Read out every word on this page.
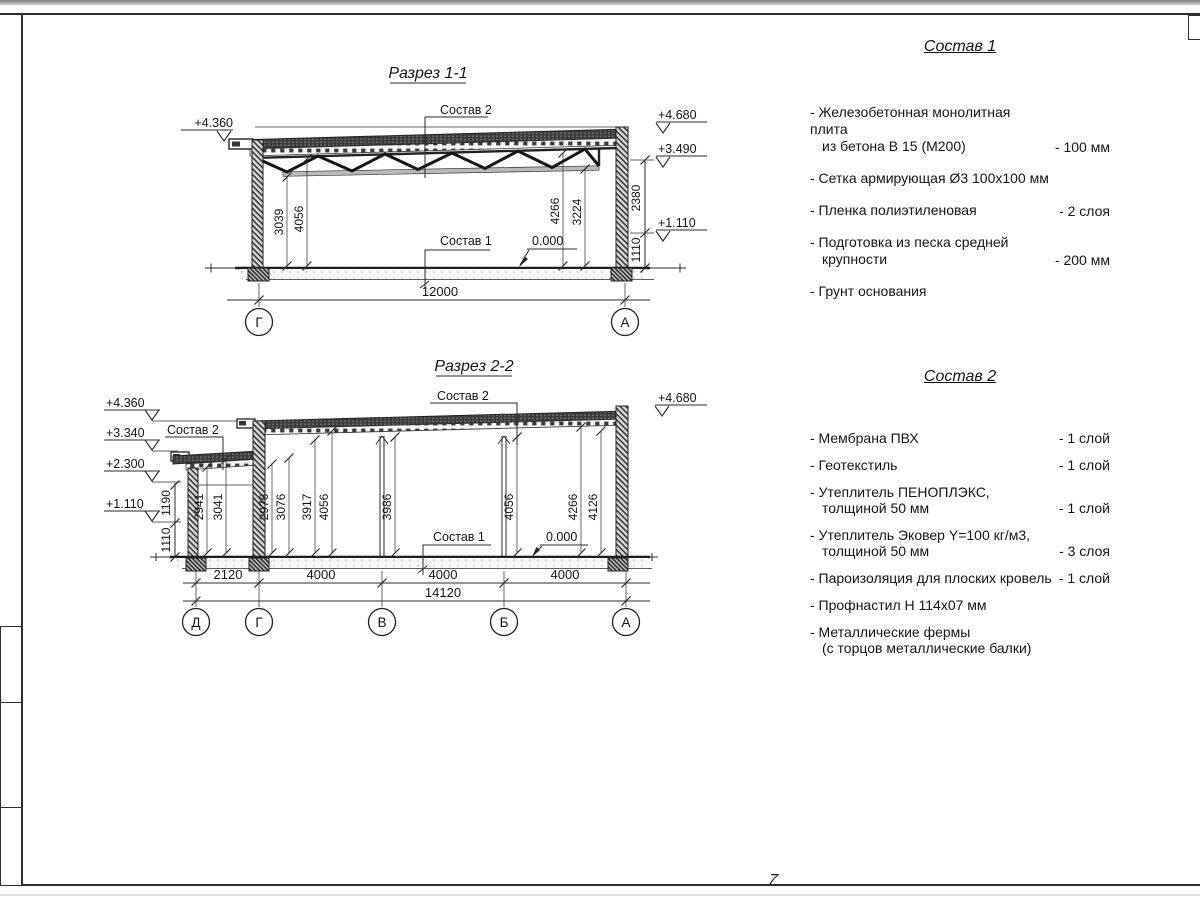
7
Разрез 1-1
Состав 2
Состав 1	0.000
+4.360
+4.680
+3.490
+1.110
2380
1110
3039 4056	4266 3224
12000
Г	А
Разрез 2-2
+4.360
+3.340
+2.300
+1.110 1190
1110
Состав 2
Состав 2
Состав 1	0.000
+4.680
2941 3041	2976 3076 3917 4056	3986	4056	4266 4126
2120	4000	4000	4000
14120
Д	Г	В	Б	А
Состав 1
- Железобетонная монолитная плита
из бетона В 15 (М200)	- 100 мм
- Сетка армирующая Ø3 100х100 мм
- Пленка полиэтиленовая	- 2 слоя
- Подготовка из песка средней
крупности	- 200 мм
- Грунт основания
Состав 2
- Мембрана ПВХ	- 1 слой
- Геотекстиль	- 1 слой
- Утеплитель ПЕНОПЛЭКС,
толщиной 50 мм	- 1 слой
- Утеплитель Эковер Y=100 кг/м3,
толщиной 50 мм	- 3 слоя
- Пароизоляция для плоских кровель - 1 слой
- Профнастил Н 114х07 мм
- Металлические фермы
(с торцов металлические балки)
